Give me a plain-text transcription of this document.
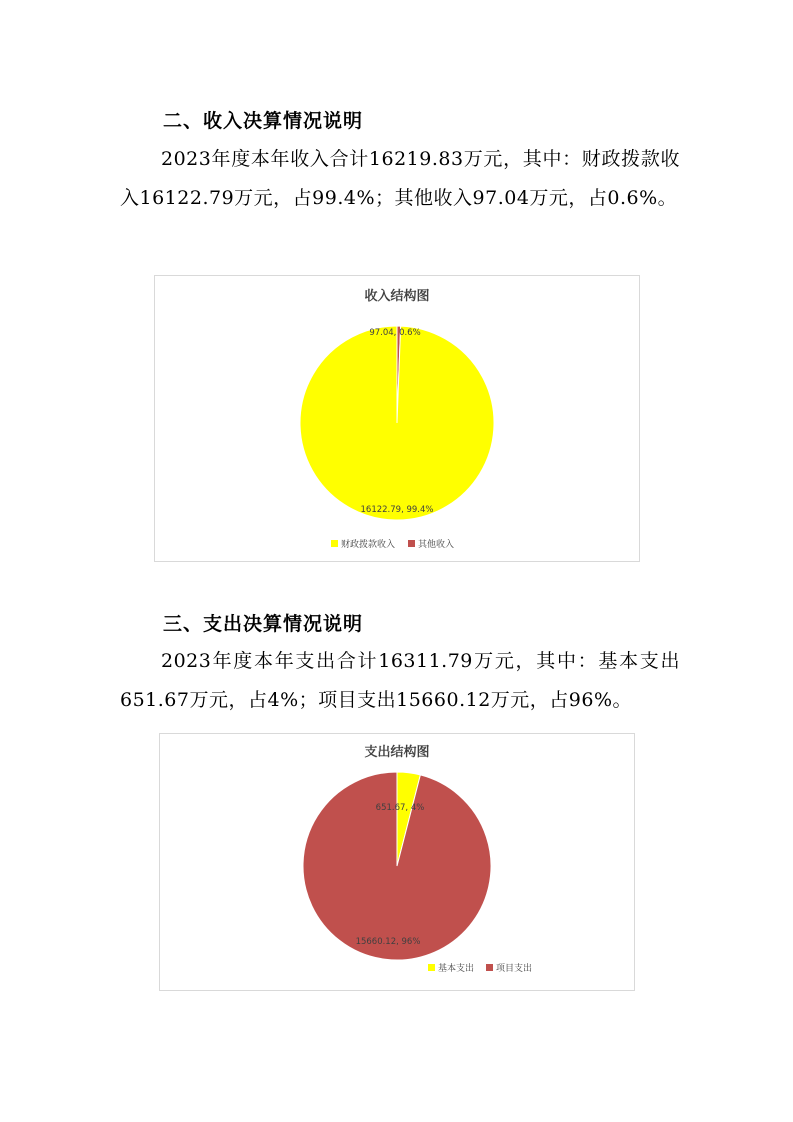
二、收入决算情况说明

2023年度本年收入合计16219.83万元，其中：财政拨款收入16122.79万元，占99.4%；其他收入97.04万元，占0.6%。

收入结构图
97.04, 0.6%
16122.79, 99.4%
财政拨款收入	其他收入
三、支出决算情况说明

2023年度本年支出合计16311.79万元，其中：基本支出651.67万元，占4%；项目支出15660.12万元，占96%。

支出结构图
651.67, 4%
15660.12, 96%
基本支出 项目支出
